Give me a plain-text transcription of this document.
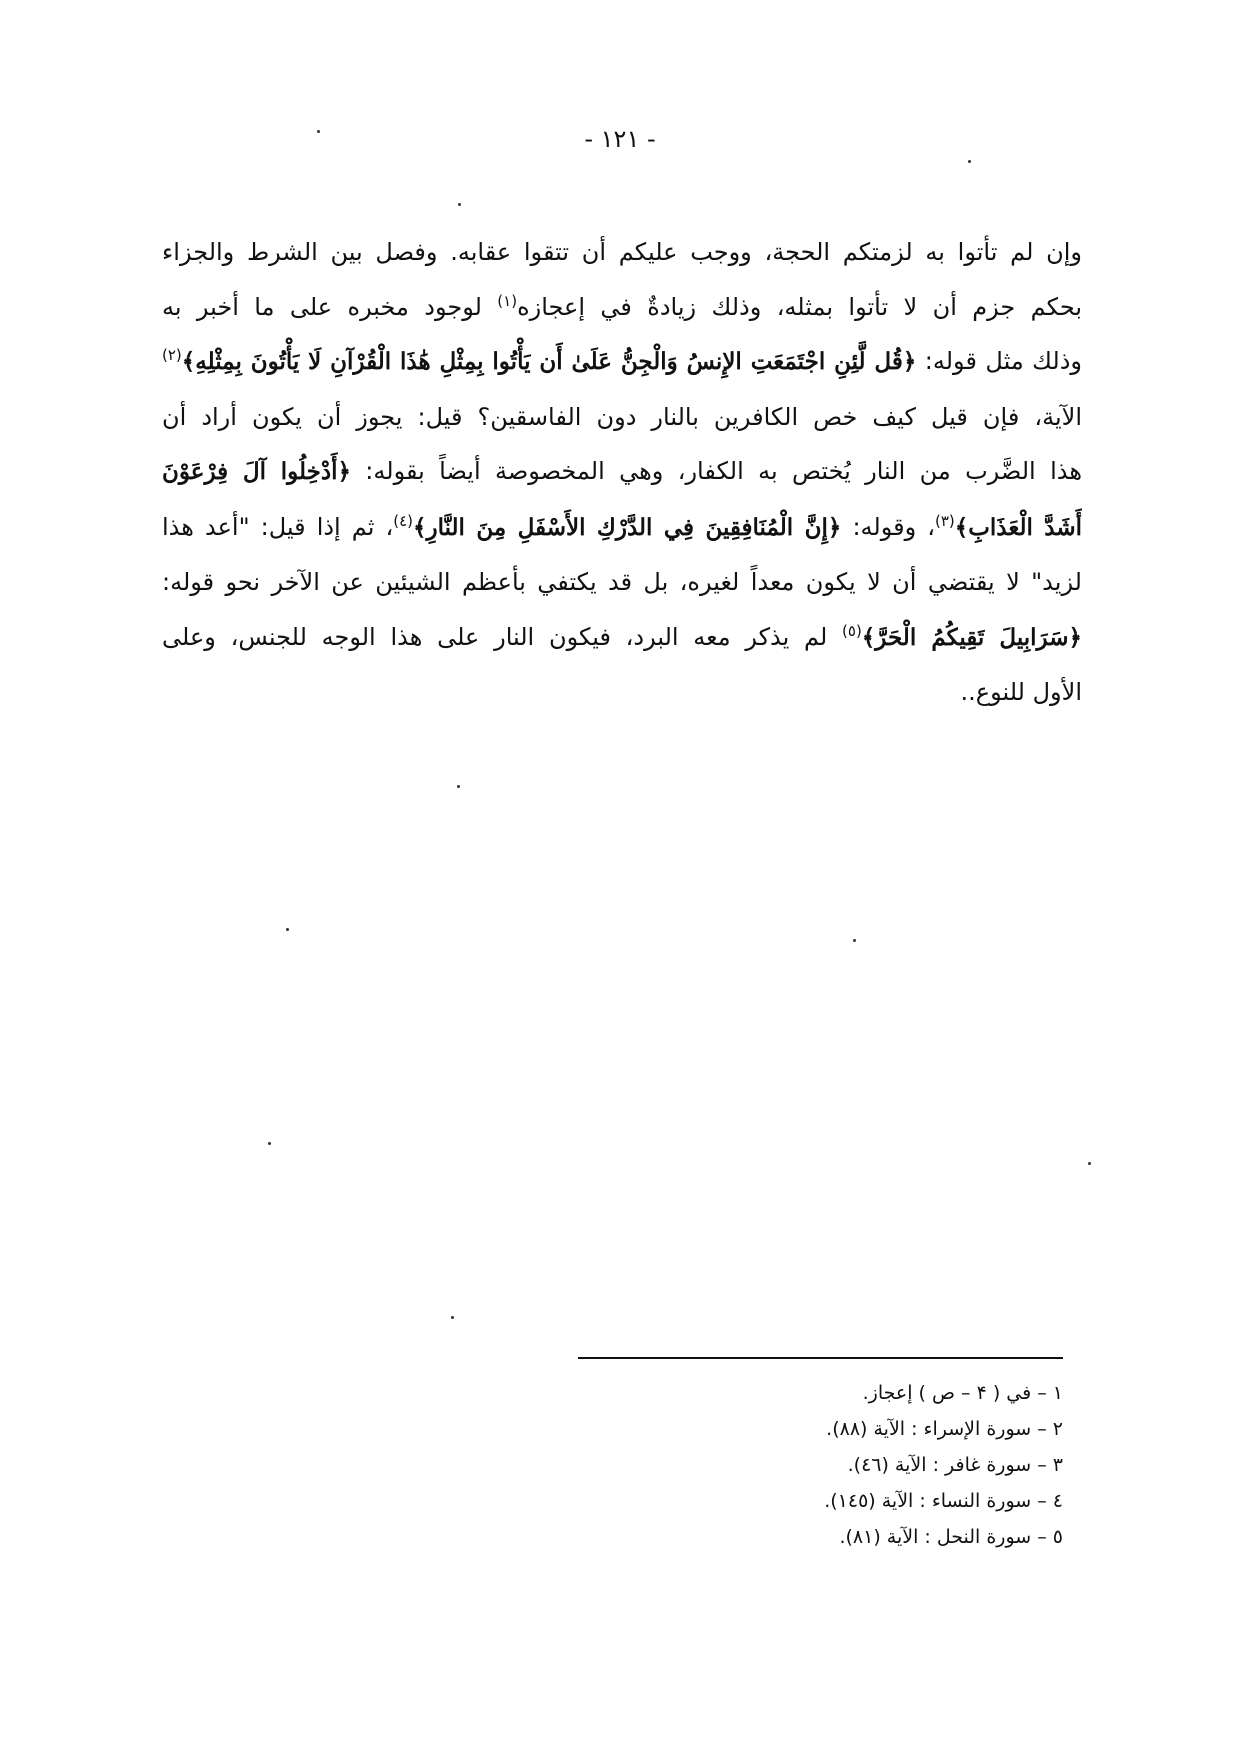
- ١٢١ -
وإن لم تأتوا به لزمتكم الحجة، ووجب عليكم أن تتقوا عقابه. وفصل بين الشرط والجزاء
بحكم جزم أن لا تأتوا بمثله، وذلك زيادةٌ في إعجازه$^{(١)}$ لوجود مخبره على ما أخبر به
وذلك مثل قوله: ﴿قُل لَّئِنِ اجْتَمَعَتِ الإِنسُ وَالْجِنُّ عَلَىٰ أَن يَأْتُوا بِمِثْلِ هَٰذَا الْقُرْآنِ لَا يَأْتُونَ بِمِثْلِهِ﴾$^{(٢)}$
الآية، فإن قيل كيف خص الكافرين بالنار دون الفاسقين؟ قيل: يجوز أن يكون أراد أن
هذا الضَّرب من النار يُختص به الكفار، وهي المخصوصة أيضاً بقوله: ﴿أَدْخِلُوا آلَ فِرْعَوْنَ
أَشَدَّ الْعَذَابِ﴾$^{(٣)}$، وقوله: ﴿إِنَّ الْمُنَافِقِينَ فِي الدَّرْكِ الأَسْفَلِ مِنَ النَّارِ﴾$^{(٤)}$، ثم إذا قيل: "أعد هذا
لزيد" لا يقتضي أن لا يكون معداً لغيره، بل قد يكتفي بأعظم الشيئين عن الآخر نحو قوله:
﴿سَرَابِيلَ تَقِيكُمُ الْحَرَّ﴾$^{(٥)}$ لم يذكر معه البرد، فيكون النار على هذا الوجه للجنس، وعلى
الأول للنوع..
١ – في ( ۴ – ص ) إعجاز.
٢ – سورة الإسراء : الآية (٨٨).
٣ – سورة غافر : الآية (٤٦).
٤ – سورة النساء : الآية (١٤٥).
٥ – سورة النحل : الآية (٨١).
